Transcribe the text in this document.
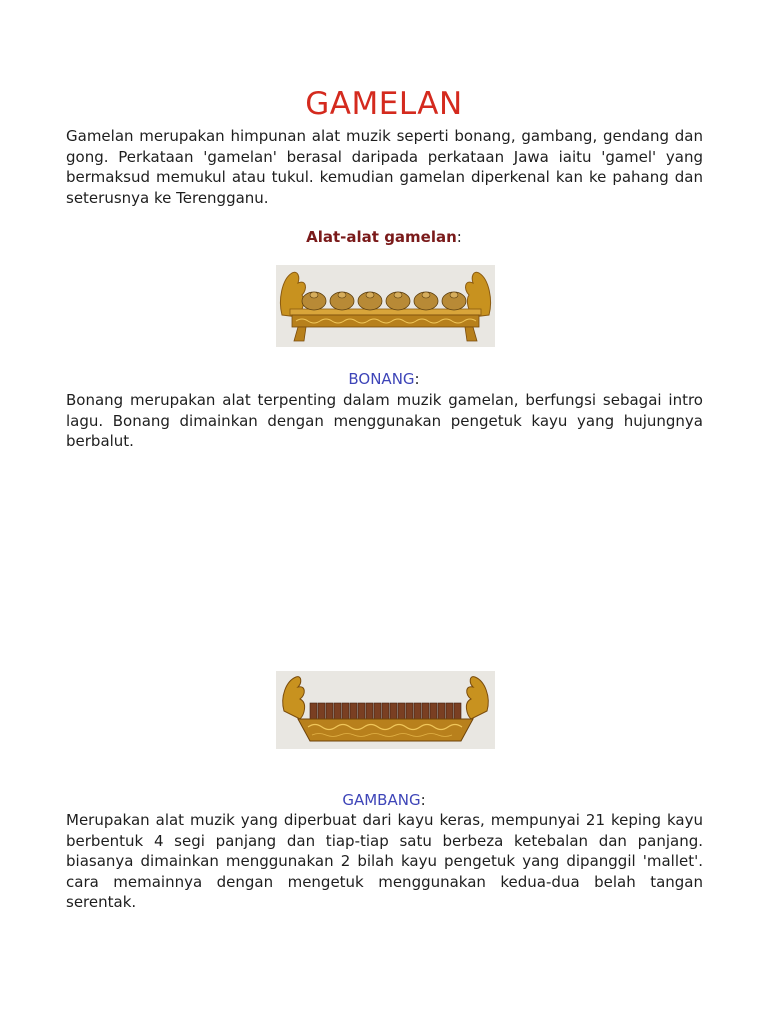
GAMELAN
Gamelan merupakan himpunan alat muzik seperti bonang, gambang, gendang dan gong. Perkataan 'gamelan' berasal daripada perkataan Jawa iaitu 'gamel' yang bermaksud memukul atau tukul. kemudian gamelan diperkenal kan ke pahang dan seterusnya ke Terengganu.
Alat-alat gamelan:
BONANG:
Bonang merupakan alat terpenting dalam muzik gamelan, berfungsi sebagai intro lagu. Bonang dimainkan dengan menggunakan pengetuk kayu yang hujungnya berbalut.
GAMBANG:
Merupakan alat muzik yang diperbuat dari kayu keras, mempunyai 21 keping kayu berbentuk 4 segi panjang dan tiap-tiap satu berbeza ketebalan dan panjang. biasanya dimainkan menggunakan 2 bilah kayu pengetuk yang dipanggil 'mallet'. cara memainnya dengan mengetuk menggunakan kedua-dua belah tangan serentak.
